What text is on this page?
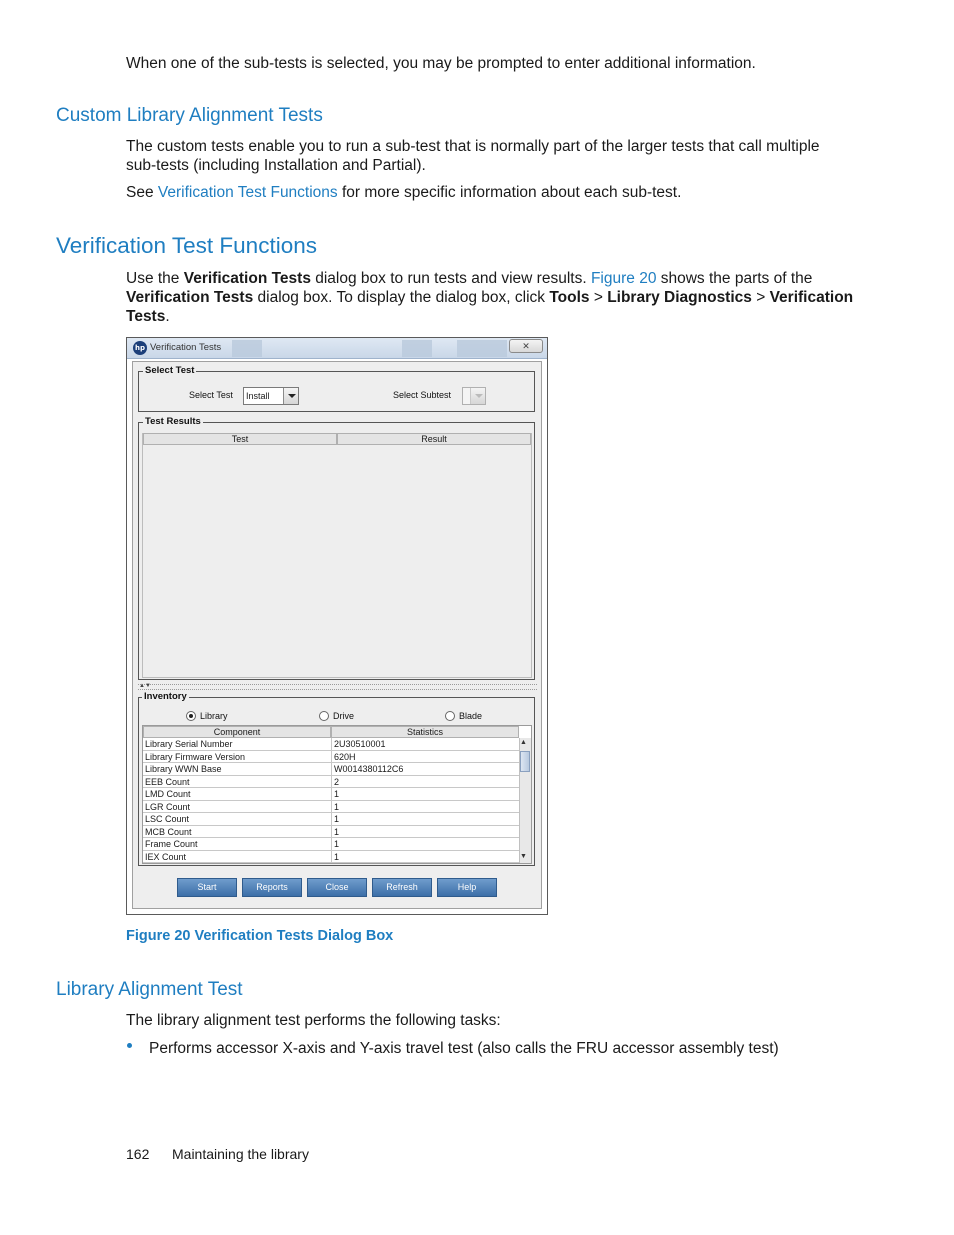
When one of the sub-tests is selected, you may be prompted to enter additional information.
Custom Library Alignment Tests
The custom tests enable you to run a sub-test that is normally part of the larger tests that call multiple
sub-tests (including Installation and Partial).
See Verification Test Functions for more specific information about each sub-test.
Verification Test Functions
Use the Verification Tests dialog box to run tests and view results. Figure 20 shows the parts of the
Verification Tests dialog box. To display the dialog box, click Tools > Library Diagnostics > Verification
Tests.
hp Verification Tests	✕
Select Test
Select Test Install	Select Subtest
Test Results
Test	Result
▲▼
Inventory
Library	Drive	Blade
Component	Statistics
Library Serial Number	2U30510001
Library Firmware Version	620H
Library WWN Base	W0014380112C6
EEB Count	2
LMD Count	1
LGR Count	1
LSC Count	1
MCB Count	1
Frame Count	1
IEX Count	1
▲
▼
Start	Reports	Close	Refresh	Help
Figure 20 Verification Tests Dialog Box
Library Alignment Test
The library alignment test performs the following tasks:
Performs accessor X-axis and Y-axis travel test (also calls the FRU accessor assembly test)
162 Maintaining the library
